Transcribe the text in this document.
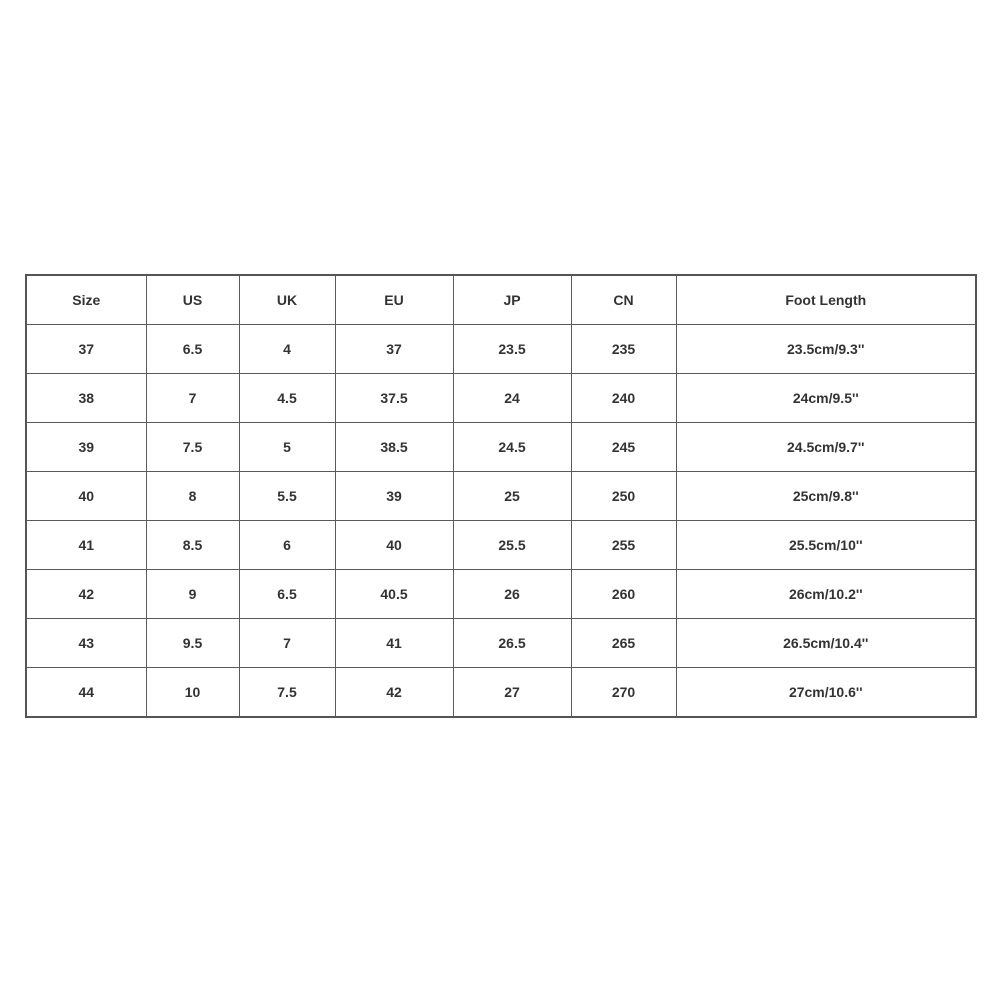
Size	US	UK	EU	JP	CN	Foot Length
37	6.5	4	37	23.5	235	23.5cm/9.3''
38	7	4.5	37.5	24	240	24cm/9.5''
39	7.5	5	38.5	24.5	245	24.5cm/9.7''
40	8	5.5	39	25	250	25cm/9.8''
41	8.5	6	40	25.5	255	25.5cm/10''
42	9	6.5	40.5	26	260	26cm/10.2''
43	9.5	7	41	26.5	265	26.5cm/10.4''
44	10	7.5	42	27	270	27cm/10.6''
